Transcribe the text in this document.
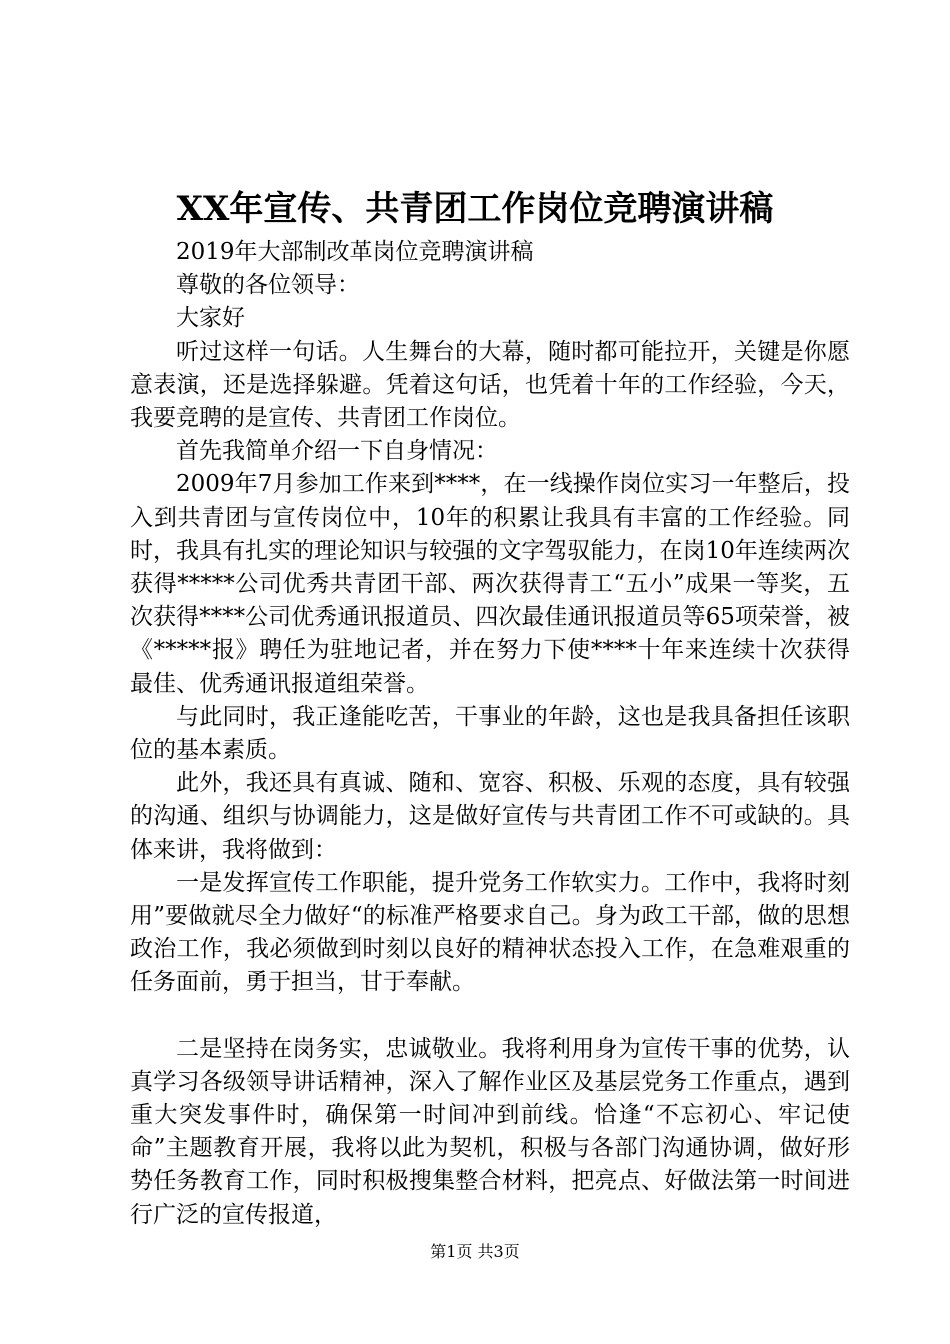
XX年宣传、共青团工作岗位竞聘演讲稿

2019年大部制改革岗位竞聘演讲稿

尊敬的各位领导：

大家好

听过这样一句话。人生舞台的大幕，随时都可能拉开，关键是你愿意表演，还是选择躲避。凭着这句话，也凭着十年的工作经验，今天，我要竞聘的是宣传、共青团工作岗位。

首先我简单介绍一下自身情况：

2009年7月参加工作来到****，在一线操作岗位实习一年整后，投入到共青团与宣传岗位中，10年的积累让我具有丰富的工作经验。同时，我具有扎实的理论知识与较强的文字驾驭能力，在岗10年连续两次获得*****公司优秀共青团干部、两次获得青工“五小”成果一等奖，五次获得****公司优秀通讯报道员、四次最佳通讯报道员等65项荣誉，被《*****报》聘任为驻地记者，并在努力下使****十年来连续十次获得最佳、优秀通讯报道组荣誉。

与此同时，我正逢能吃苦，干事业的年龄，这也是我具备担任该职位的基本素质。

此外，我还具有真诚、随和、宽容、积极、乐观的态度，具有较强的沟通、组织与协调能力，这是做好宣传与共青团工作不可或缺的。具体来讲，我将做到：

一是发挥宣传工作职能，提升党务工作软实力。工作中，我将时刻用”要做就尽全力做好“的标准严格要求自己。身为政工干部，做的思想政治工作，我必须做到时刻以良好的精神状态投入工作，在急难艰重的任务面前，勇于担当，甘于奉献。

二是坚持在岗务实，忠诚敬业。我将利用身为宣传干事的优势，认真学习各级领导讲话精神，深入了解作业区及基层党务工作重点，遇到重大突发事件时，确保第一时间冲到前线。恰逢“不忘初心、牢记使命”主题教育开展，我将以此为契机，积极与各部门沟通协调，做好形势任务教育工作，同时积极搜集整合材料，把亮点、好做法第一时间进行广泛的宣传报道，

第1页 共3页
